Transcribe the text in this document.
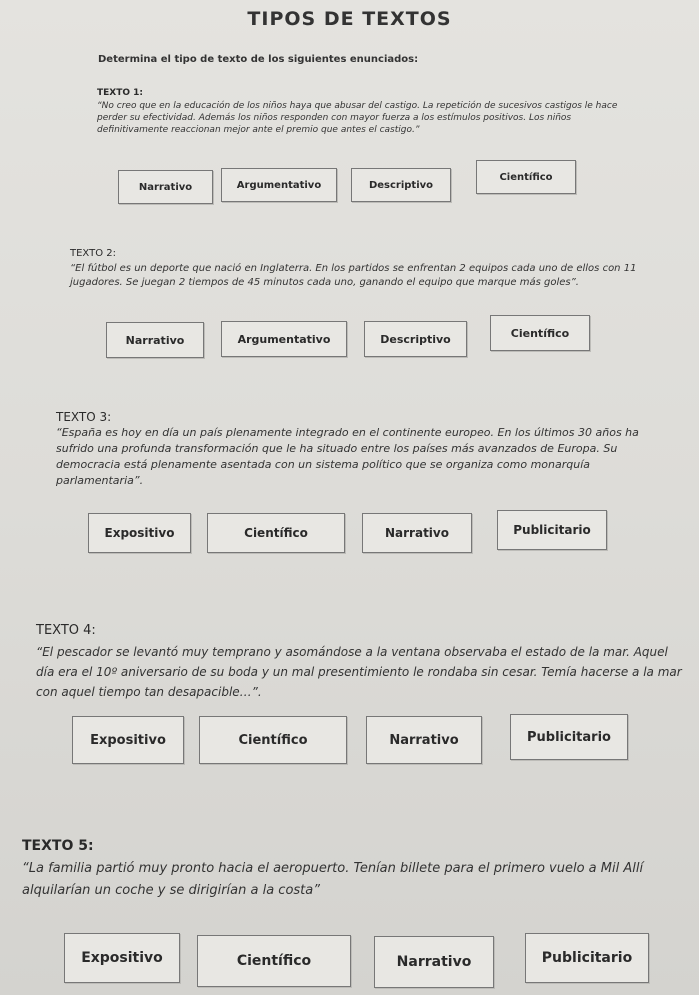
TIPOS DE TEXTOS
Determina el tipo de texto de los siguientes enunciados:
TEXTO 1:
“No creo que en la educación de los niños haya que abusar del castigo. La repetición de sucesivos castigos le hace perder su efectividad. Además los niños responden con mayor fuerza a los estímulos positivos. Los niños definitivamente reaccionan mejor ante el premio que antes el castigo.”
Narrativo	Argumentativo	Descriptivo
Científico
TEXTO 2:
“El fútbol es un deporte que nació en Inglaterra. En los partidos se enfrentan 2 equipos cada uno de ellos con 11 jugadores. Se juegan 2 tiempos de 45 minutos cada uno, ganando el equipo que marque más goles”.
Narrativo	Argumentativo	Descriptivo	Científico
TEXTO 3:
“España es hoy en día un país plenamente integrado en el continente europeo. En los últimos 30 años ha sufrido una profunda transformación que le ha situado entre los países más avanzados de Europa. Su democracia está plenamente asentada con un sistema político que se organiza como monarquía parlamentaria”.
Expositivo	Científico	Narrativo	Publicitario
TEXTO 4:
“El pescador se levantó muy temprano y asomándose a la ventana observaba el estado de la mar. Aquel día era el 10º aniversario de su boda y un mal presentimiento le rondaba sin cesar. Temía hacerse a la mar con aquel tiempo tan desapacible…”.
Expositivo	Científico	Narrativo	Publicitario
TEXTO 5:
“La familia partió muy pronto hacia el aeropuerto. Tenían billete para el primero vuelo a Mil Allí alquilarían un coche y se dirigirían a la costa”
Expositivo	Científico	Narrativo	Publicitario
